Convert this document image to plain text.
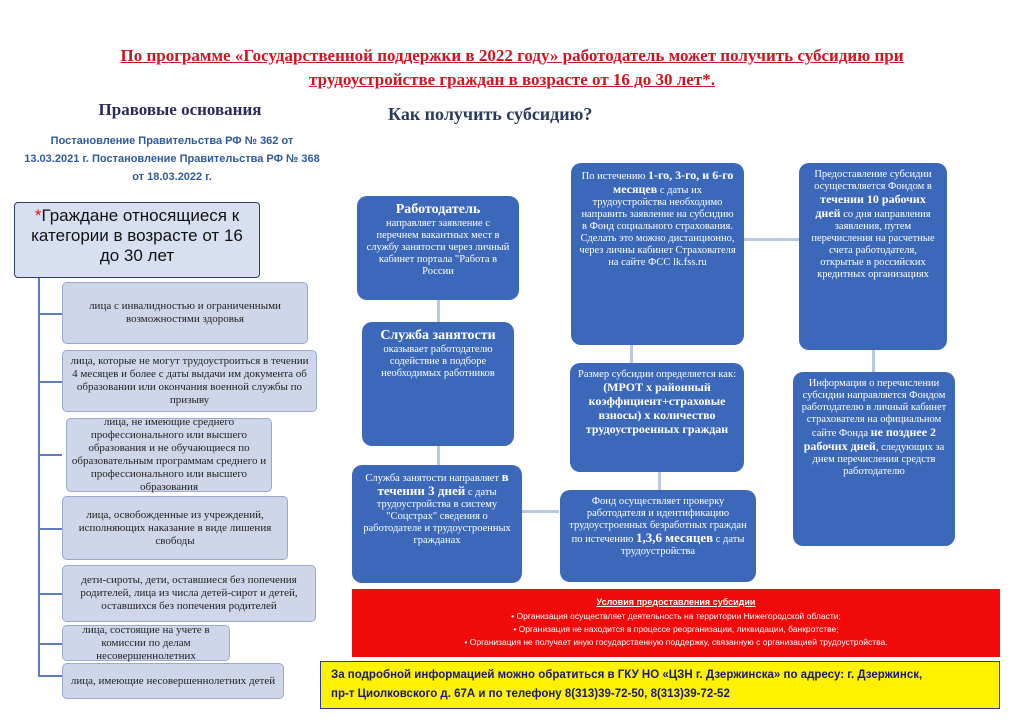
По программе «Государственной поддержки в 2022 году» работодатель может получить субсидию при
трудоустройстве граждан в возрасте от 16 до 30 лет*.
Правовые основания
Постановление Правительства РФ № 362 от 13.03.2021 г. Постановление Правительства РФ № 368 от 18.03.2022 г.
Как получить субсидию?
*Граждане относящиеся к категории в возрасте от 16 до 30 лет
лица с инвалидностью и ограниченными возможностями здоровья
лица, которые не могут трудоустроиться в течении 4 месяцев и более с даты выдачи им документа об образовании или окончания военной службы по призыву
лица, не имеющие среднего профессионального или высшего образования и не обучающиеся по образовательным программам среднего и профессионального или высшего образования
лица, освобожденные из учреждений, исполняющих наказание в виде лишения свободы
дети-сироты, дети, оставшиеся без попечения родителей, лица из числа детей-сирот и детей, оставшихся без попечения родителей
лица, состоящие на учете в комиссии по делам несовершеннолетних
лица, имеющие несовершеннолетних детей
Работодатель
направляет заявление с перечнем вакантных мест в службу занятости через личный кабинет портала "Работа в России
Служба занятости
оказывает работодателю содействие в подборе необходимых работников
Служба занятости направляет в течении 3 дней с даты трудоустройства в систему "Соцстрах" сведения о работодателе и трудоустроенных гражданах
Фонд осуществляет проверку работодателя и идентификацию трудоустроенных безработных граждан по истечению 1,3,6 месяцев с даты трудоустройства
Размер субсидии определяется как: (МРОТ х районный коэффициент+страховые взносы) х количество трудоустроенных граждан
По истечению 1-го, 3-го, и 6-го месяцев с даты их трудоустройства необходимо направить заявление на субсидию в Фонд социального страхования. Сделать это можно дистанционно, через личны кабинет Страхователя на сайте ФСС lk.fss.ru
Предоставление субсидии осуществляется Фондом в течении 10 рабочих дней со дня направления заявления, путем перечисления на расчетные счета работодателя, открытые в российских кредитных организациях
Информация о перечислении субсидии направляется Фондом работодателю в личный кабинет страхователя на официальном сайте Фонда не позднее 2 рабочих дней, следующих за днем перечисления средств работодателю
Условия предоставления субсидии
• Организация осуществляет деятельность на территории Нижегородской области;
• Организация не находится в процессе реорганизации, ликвидации, банкротстве;
• Организация не получает иную государственную поддержку, связанную с организацией трудоустройства.
За подробной информацией можно обратиться в ГКУ НО «ЦЗН г. Дзержинска» по адресу: г. Дзержинск,
пр-т Циолковского д. 67А и по телефону 8(313)39-72-50, 8(313)39-72-52
